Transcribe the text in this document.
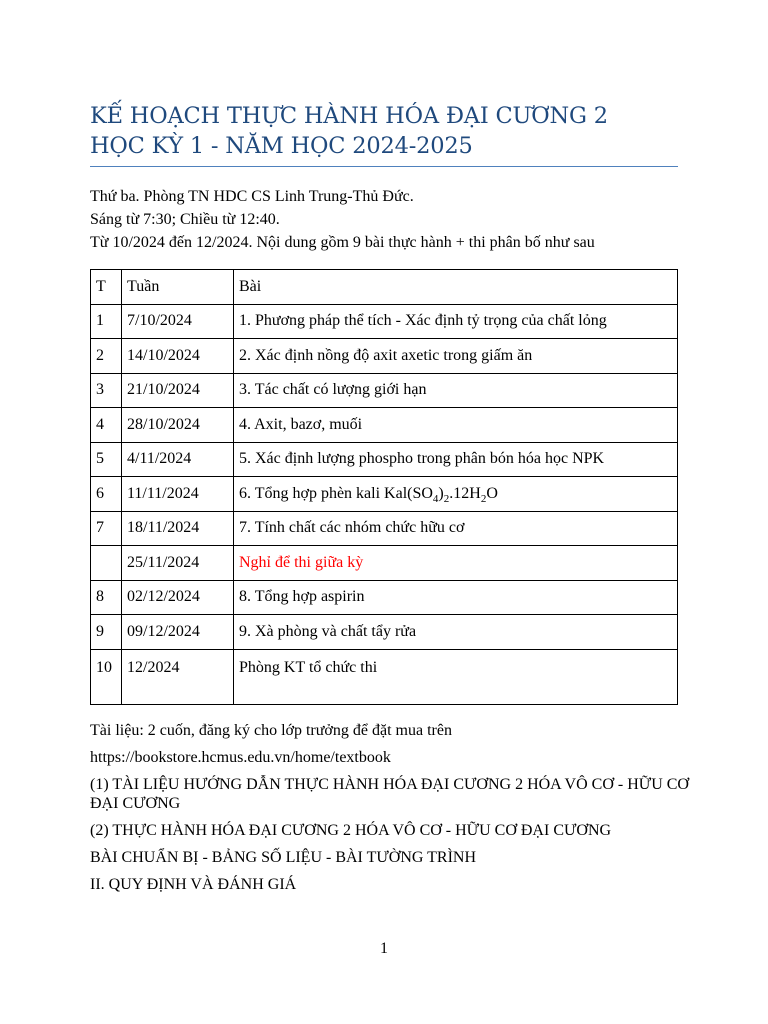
KẾ HOẠCH THỰC HÀNH HÓA ĐẠI CƯƠNG 2
HỌC KỲ 1 - NĂM HỌC 2024-2025

Thứ ba. Phòng TN HDC CS Linh Trung-Thủ Đức.

Sáng từ 7:30; Chiều từ 12:40.

Từ 10/2024 đến 12/2024. Nội dung gồm 9 bài thực hành + thi phân bố như sau

T	Tuần	Bài
1	7/10/2024	1. Phương pháp thể tích - Xác định tỷ trọng của chất lỏng
2	14/10/2024	2. Xác định nồng độ axit axetic trong giấm ăn
3	21/10/2024	3. Tác chất có lượng giới hạn
4	28/10/2024	4. Axit, bazơ, muối
5	4/11/2024	5. Xác định lượng phospho trong phân bón hóa học NPK
6	11/11/2024	6. Tổng hợp phèn kali $Kal(SO_4)_2.12H_2O$
7	18/11/2024	7. Tính chất các nhóm chức hữu cơ
	25/11/2024	Nghỉ để thi giữa kỳ
8	02/12/2024	8. Tổng hợp aspirin
9	09/12/2024	9. Xà phòng và chất tẩy rửa
10	12/2024	Phòng KT tổ chức thi

Tài liệu: 2 cuốn, đăng ký cho lớp trưởng để đặt mua trên

https://bookstore.hcmus.edu.vn/home/textbook

(1) TÀI LIỆU HƯỚNG DẪN THỰC HÀNH HÓA ĐẠI CƯƠNG 2 HÓA VÔ CƠ - HỮU CƠ ĐẠI CƯƠNG

(2) THỰC HÀNH HÓA ĐẠI CƯƠNG 2 HÓA VÔ CƠ - HỮU CƠ ĐẠI CƯƠNG

BÀI CHUẨN BỊ - BẢNG SỐ LIỆU - BÀI TƯỜNG TRÌNH

II. QUY ĐỊNH VÀ ĐÁNH GIÁ

1
